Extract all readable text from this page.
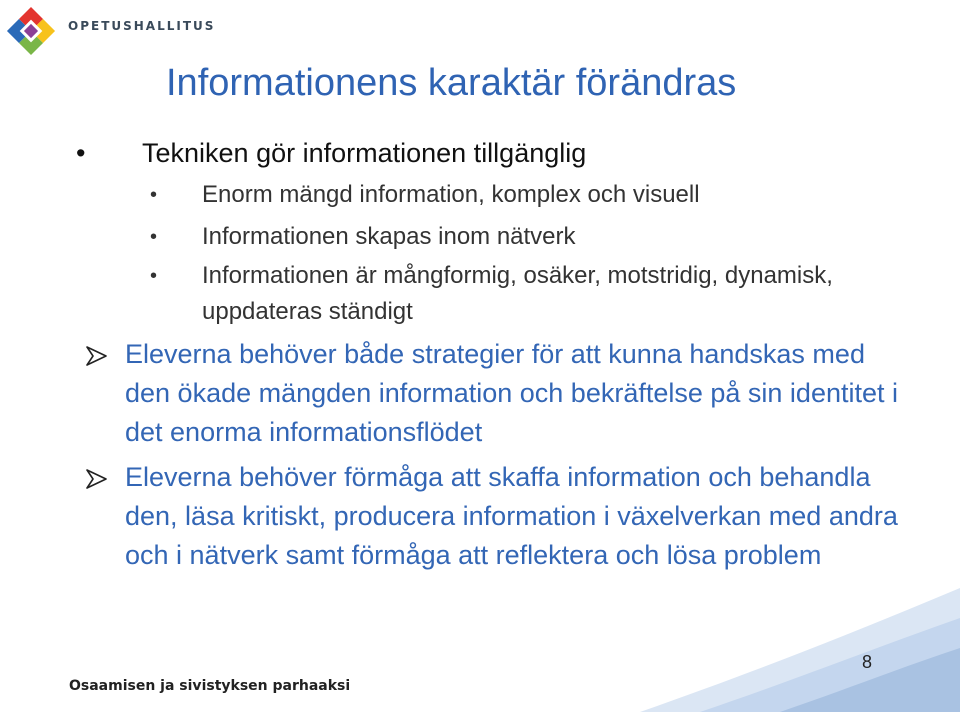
OPETUSHALLITUS
Informationens karaktär förändras
• Tekniken gör informationen tillgänglig
• Enorm mängd information, komplex och visuell
• Informationen skapas inom nätverk
• Informationen är mångformig, osäker, motstridig, dynamisk, uppdateras ständigt
Eleverna behöver både strategier för att kunna handskas med den ökade mängden information och bekräftelse på sin identitet i det enorma informationsflödet
Eleverna behöver förmåga att skaffa information och behandla den, läsa kritiskt, producera information i växelverkan med andra och i nätverk samt förmåga att reflektera och lösa problem
Osaamisen ja sivistyksen parhaaksi
8
